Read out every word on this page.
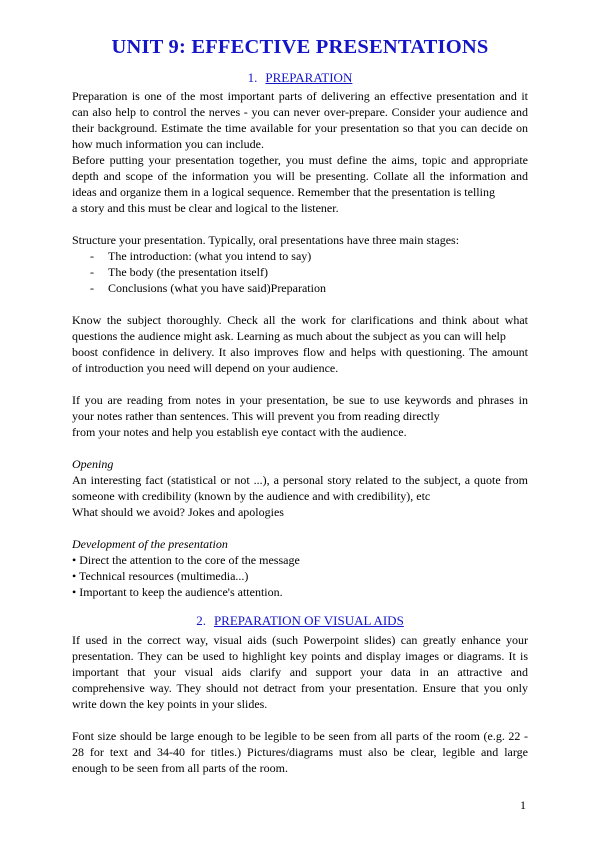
UNIT 9: EFFECTIVE PRESENTATIONS
1. PREPARATION
Preparation is one of the most important parts of delivering an effective presentation and it
can also help to control the nerves - you can never over-prepare. Consider your audience and
their background. Estimate the time available for your presentation so that you can decide on
how much information you can include.
Before putting your presentation together, you must define the aims, topic and appropriate
depth and scope of the information you will be presenting. Collate all the information and
ideas and organize them in a logical sequence. Remember that the presentation is telling
a story and this must be clear and logical to the listener.
Structure your presentation. Typically, oral presentations have three main stages:
- The introduction: (what you intend to say)
- The body (the presentation itself)
- Conclusions (what you have said)Preparation
Know the subject thoroughly. Check all the work for clarifications and think about what
questions the audience might ask. Learning as much about the subject as you can will help
boost confidence in delivery. It also improves flow and helps with questioning. The amount
of introduction you need will depend on your audience.
If you are reading from notes in your presentation, be sue to use keywords and phrases in
your notes rather than sentences. This will prevent you from reading directly
from your notes and help you establish eye contact with the audience.
Opening
An interesting fact (statistical or not ...), a personal story related to the subject, a quote from
someone with credibility (known by the audience and with credibility), etc
What should we avoid? Jokes and apologies
Development of the presentation
• Direct the attention to the core of the message
• Technical resources (multimedia...)
• Important to keep the audience's attention.
2. PREPARATION OF VISUAL AIDS
If used in the correct way, visual aids (such Powerpoint slides) can greatly enhance your
presentation. They can be used to highlight key points and display images or diagrams. It is
important that your visual aids clarify and support your data in an attractive and
comprehensive way. They should not detract from your presentation. Ensure that you only
write down the key points in your slides.
Font size should be large enough to be legible to be seen from all parts of the room (e.g. 22 -
28 for text and 34-40 for titles.) Pictures/diagrams must also be clear, legible and large
enough to be seen from all parts of the room.
1
